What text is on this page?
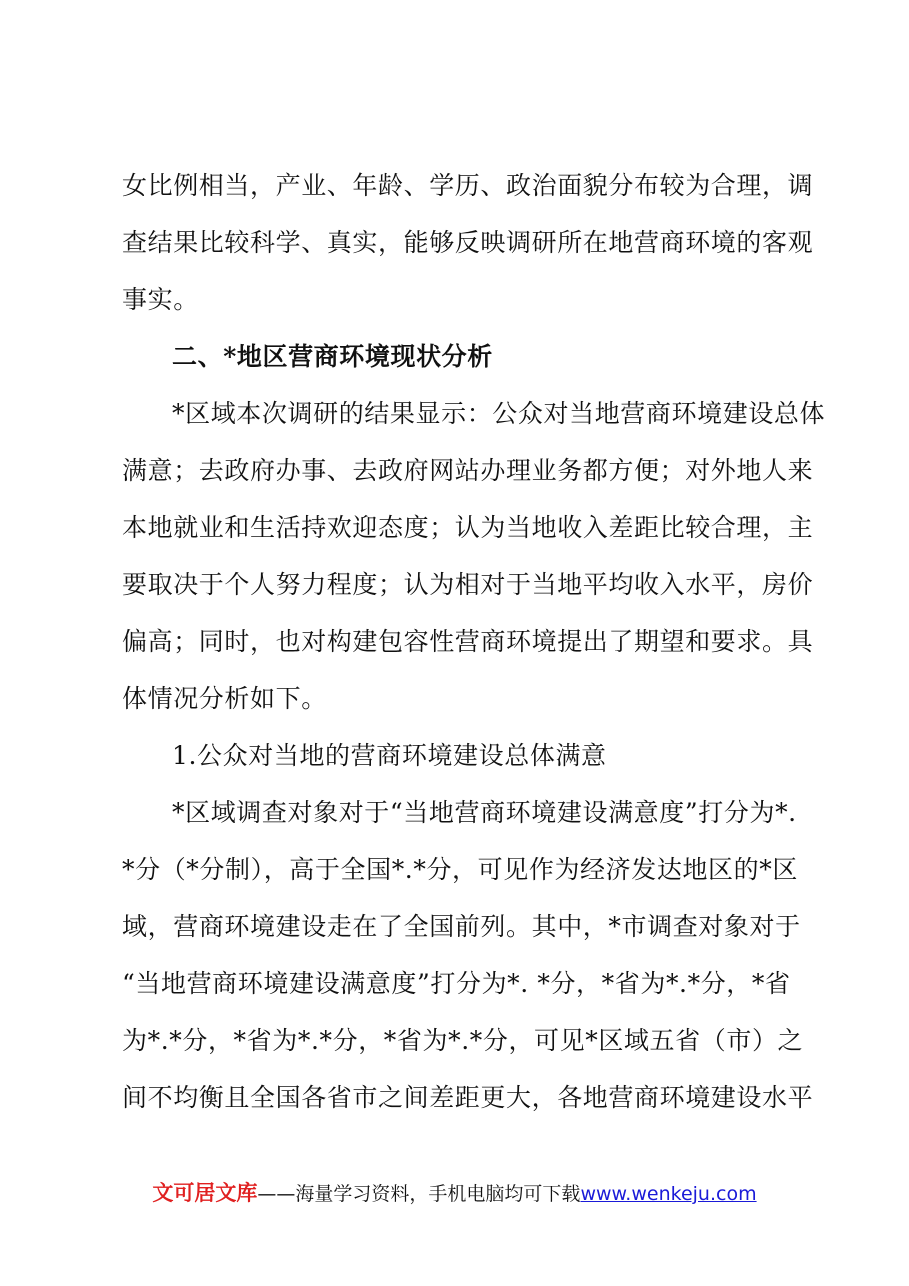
女比例相当，产业、年龄、学历、政治面貌分布较为合理，调
查结果比较科学、真实，能够反映调研所在地营商环境的客观
事实。
二、*地区营商环境现状分析
*区域本次调研的结果显示：公众对当地营商环境建设总体
满意；去政府办事、去政府网站办理业务都方便；对外地人来
本地就业和生活持欢迎态度；认为当地收入差距比较合理，主
要取决于个人努力程度；认为相对于当地平均收入水平，房价
偏高；同时，也对构建包容性营商环境提出了期望和要求。具
体情况分析如下。
1.公众对当地的营商环境建设总体满意
*区域调查对象对于“当地营商环境建设满意度”打分为*.
*分（*分制），高于全国*.*分，可见作为经济发达地区的*区
域，营商环境建设走在了全国前列。其中，*市调查对象对于
“当地营商环境建设满意度”打分为*. *分，*省为*.*分，*省
为*.*分，*省为*.*分，*省为*.*分，可见*区域五省（市）之
间不均衡且全国各省市之间差距更大，各地营商环境建设水平
文可居文库——海量学习资料，手机电脑均可下载www.wenkeju.com
